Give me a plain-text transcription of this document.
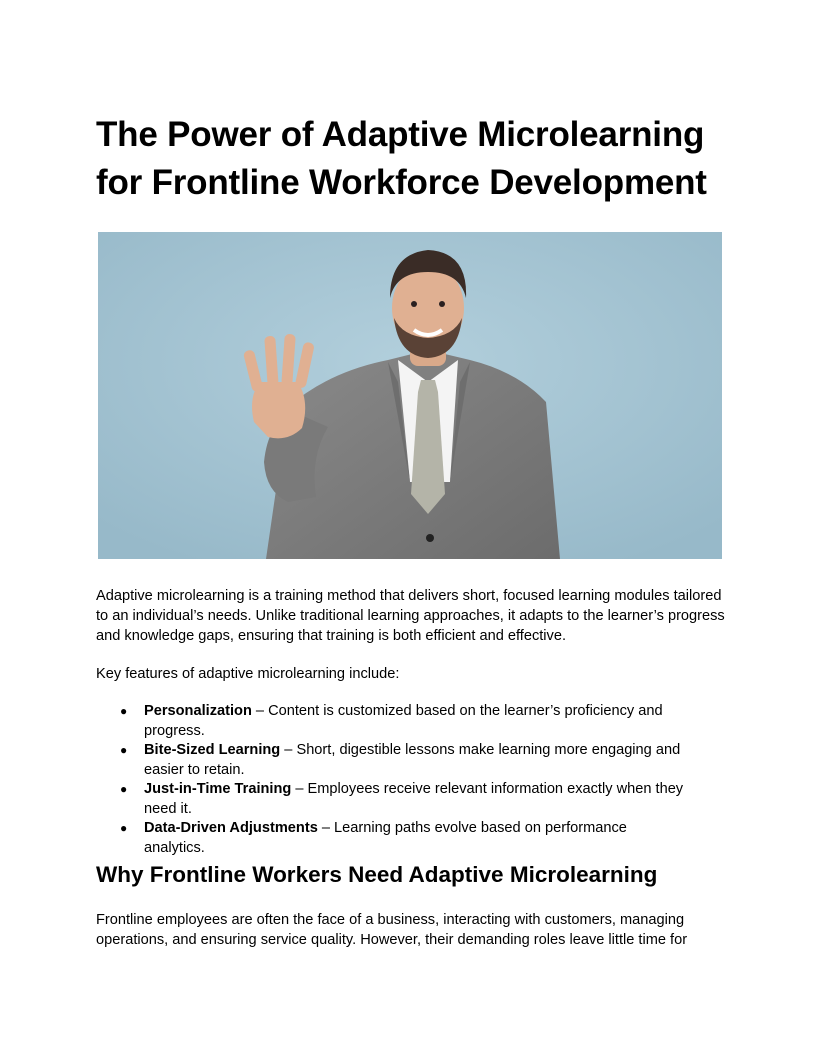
The Power of Adaptive Microlearning for Frontline Workforce Development

Adaptive microlearning is a training method that delivers short, focused learning modules tailored to an individual’s needs. Unlike traditional learning approaches, it adapts to the learner’s progress and knowledge gaps, ensuring that training is both efficient and effective.

Key features of adaptive microlearning include:

● Personalization – Content is customized based on the learner’s proficiency and progress.
● Bite-Sized Learning – Short, digestible lessons make learning more engaging and easier to retain.
● Just-in-Time Training – Employees receive relevant information exactly when they need it.
● Data-Driven Adjustments – Learning paths evolve based on performance analytics.
Why Frontline Workers Need Adaptive Microlearning

Frontline employees are often the face of a business, interacting with customers, managing operations, and ensuring service quality. However, their demanding roles leave little time for
